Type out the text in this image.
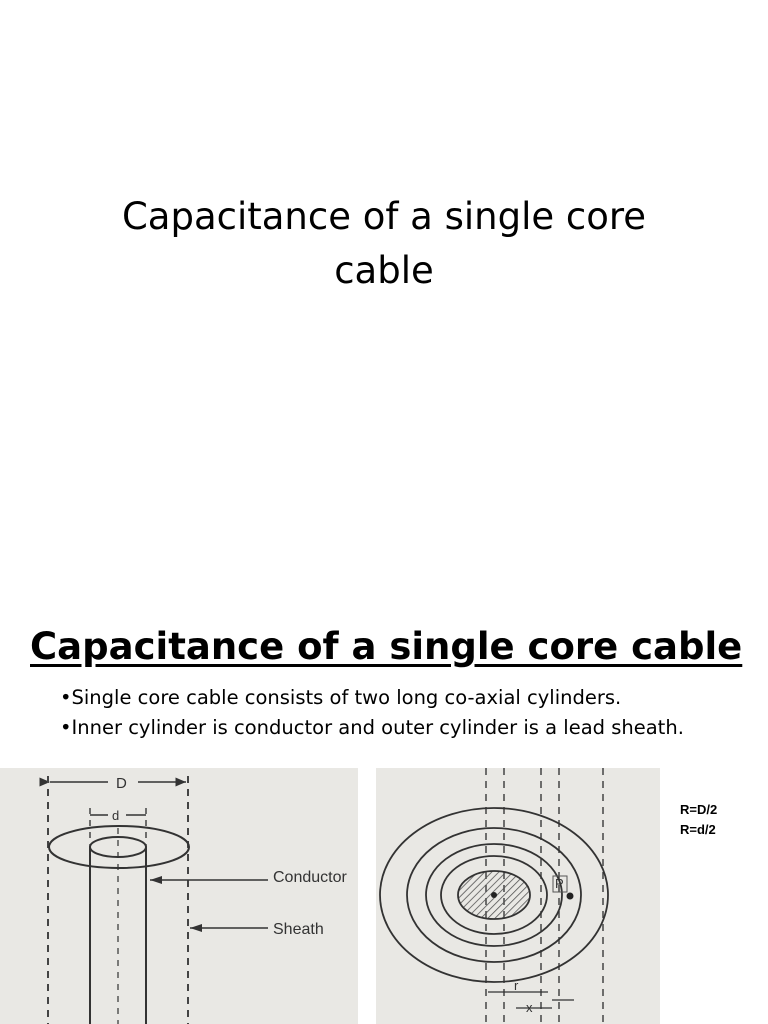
Capacitance of a single core
cable
Capacitance of a single core cable
•Single core cable consists of two long co-axial cylinders.
•Inner cylinder is conductor and outer cylinder is a lead sheath.
D
d
Conductor
Sheath
P
r
x
R=D/2
R=d/2
